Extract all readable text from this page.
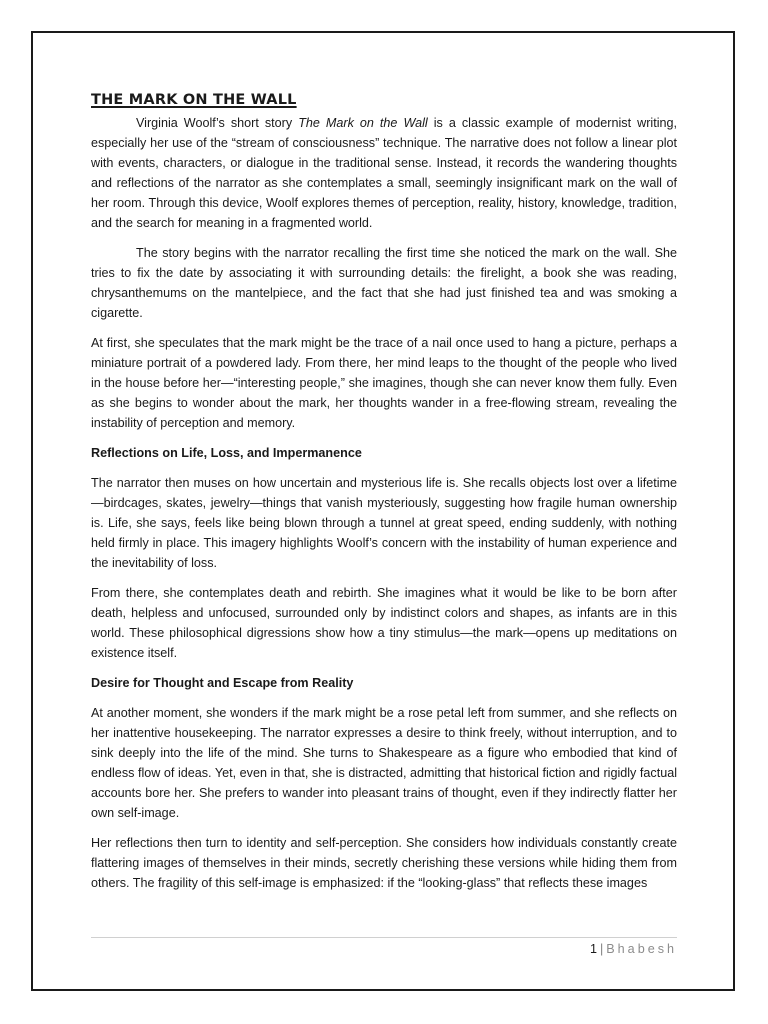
THE MARK ON THE WALL

Virginia Woolf’s short story The Mark on the Wall is a classic example of modernist writing, especially her use of the “stream of consciousness” technique. The narrative does not follow a linear plot with events, characters, or dialogue in the traditional sense. Instead, it records the wandering thoughts and reflections of the narrator as she contemplates a small, seemingly insignificant mark on the wall of her room. Through this device, Woolf explores themes of perception, reality, history, knowledge, tradition, and the search for meaning in a fragmented world.

The story begins with the narrator recalling the first time she noticed the mark on the wall. She tries to fix the date by associating it with surrounding details: the firelight, a book she was reading, chrysanthemums on the mantelpiece, and the fact that she had just finished tea and was smoking a cigarette.

At first, she speculates that the mark might be the trace of a nail once used to hang a picture, perhaps a miniature portrait of a powdered lady. From there, her mind leaps to the thought of the people who lived in the house before her—“interesting people,” she imagines, though she can never know them fully. Even as she begins to wonder about the mark, her thoughts wander in a free-flowing stream, revealing the instability of perception and memory.

Reflections on Life, Loss, and Impermanence

The narrator then muses on how uncertain and mysterious life is. She recalls objects lost over a lifetime—birdcages, skates, jewelry—things that vanish mysteriously, suggesting how fragile human ownership is. Life, she says, feels like being blown through a tunnel at great speed, ending suddenly, with nothing held firmly in place. This imagery highlights Woolf’s concern with the instability of human experience and the inevitability of loss.

From there, she contemplates death and rebirth. She imagines what it would be like to be born after death, helpless and unfocused, surrounded only by indistinct colors and shapes, as infants are in this world. These philosophical digressions show how a tiny stimulus—the mark—opens up meditations on existence itself.

Desire for Thought and Escape from Reality

At another moment, she wonders if the mark might be a rose petal left from summer, and she reflects on her inattentive housekeeping. The narrator expresses a desire to think freely, without interruption, and to sink deeply into the life of the mind. She turns to Shakespeare as a figure who embodied that kind of endless flow of ideas. Yet, even in that, she is distracted, admitting that historical fiction and rigidly factual accounts bore her. She prefers to wander into pleasant trains of thought, even if they indirectly flatter her own self-image.

Her reflections then turn to identity and self-perception. She considers how individuals constantly create flattering images of themselves in their minds, secretly cherishing these versions while hiding them from others. The fragility of this self-image is emphasized: if the “looking-glass” that reflects these images

1 | Bhabesh
